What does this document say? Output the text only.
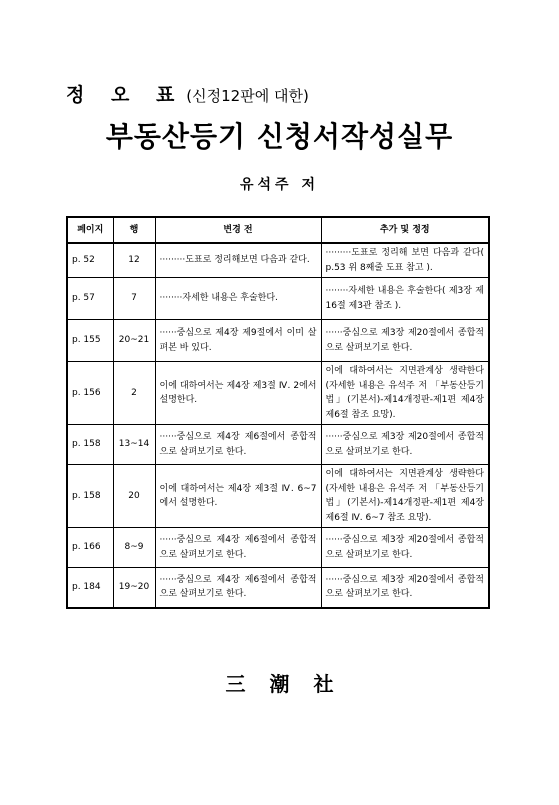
정 오 표 (신정12판에 대한)
부동산등기 신청서작성실무
유석주 저
페이지	행	변경 전	추가 및 정정
p. 52	12	·········도표로 정리해보면 다음과 같다.	·········도표로 정리해 보면 다음과 같다( p.53 위 8째줄 도표 참고 ).
p. 57	7	········자세한 내용은 후술한다.	········자세한 내용은 후술한다( 제3장 제16절 제3관 참조 ).
p. 155	20~21	······중심으로 제4장 제9절에서 이미 살펴본 바 있다.	······중심으로 제3장 제20절에서 종합적으로 살펴보기로 한다.
p. 156	2	이에 대하여서는 제4장 제3절 Ⅳ. 2에서 설명한다.	이에 대하여서는 지면관계상 생략한다 (자세한 내용은 유석주 저 「부동산등기법」(기본서)-제14개정판-제1편 제4장 제6절 참조 요망).
p. 158	13~14	······중심으로 제4장 제6절에서 종합적으로 살펴보기로 한다.	······중심으로 제3장 제20절에서 종합적으로 살펴보기로 한다.
p. 158	20	이에 대하여서는 제4장 제3절 Ⅳ. 6~7 에서 설명한다.	이에 대하여서는 지면관계상 생략한다 (자세한 내용은 유석주 저 「부동산등기법」(기본서)-제14개정판-제1편 제4장 제6절 Ⅳ. 6~7 참조 요망).
p. 166	8~9	······중심으로 제4장 제6절에서 종합적으로 살펴보기로 한다.	······중심으로 제3장 제20절에서 종합적으로 살펴보기로 한다.
p. 184	19~20	······중심으로 제4장 제6절에서 종합적으로 살펴보기로 한다.	······중심으로 제3장 제20절에서 종합적으로 살펴보기로 한다.
三潮社
